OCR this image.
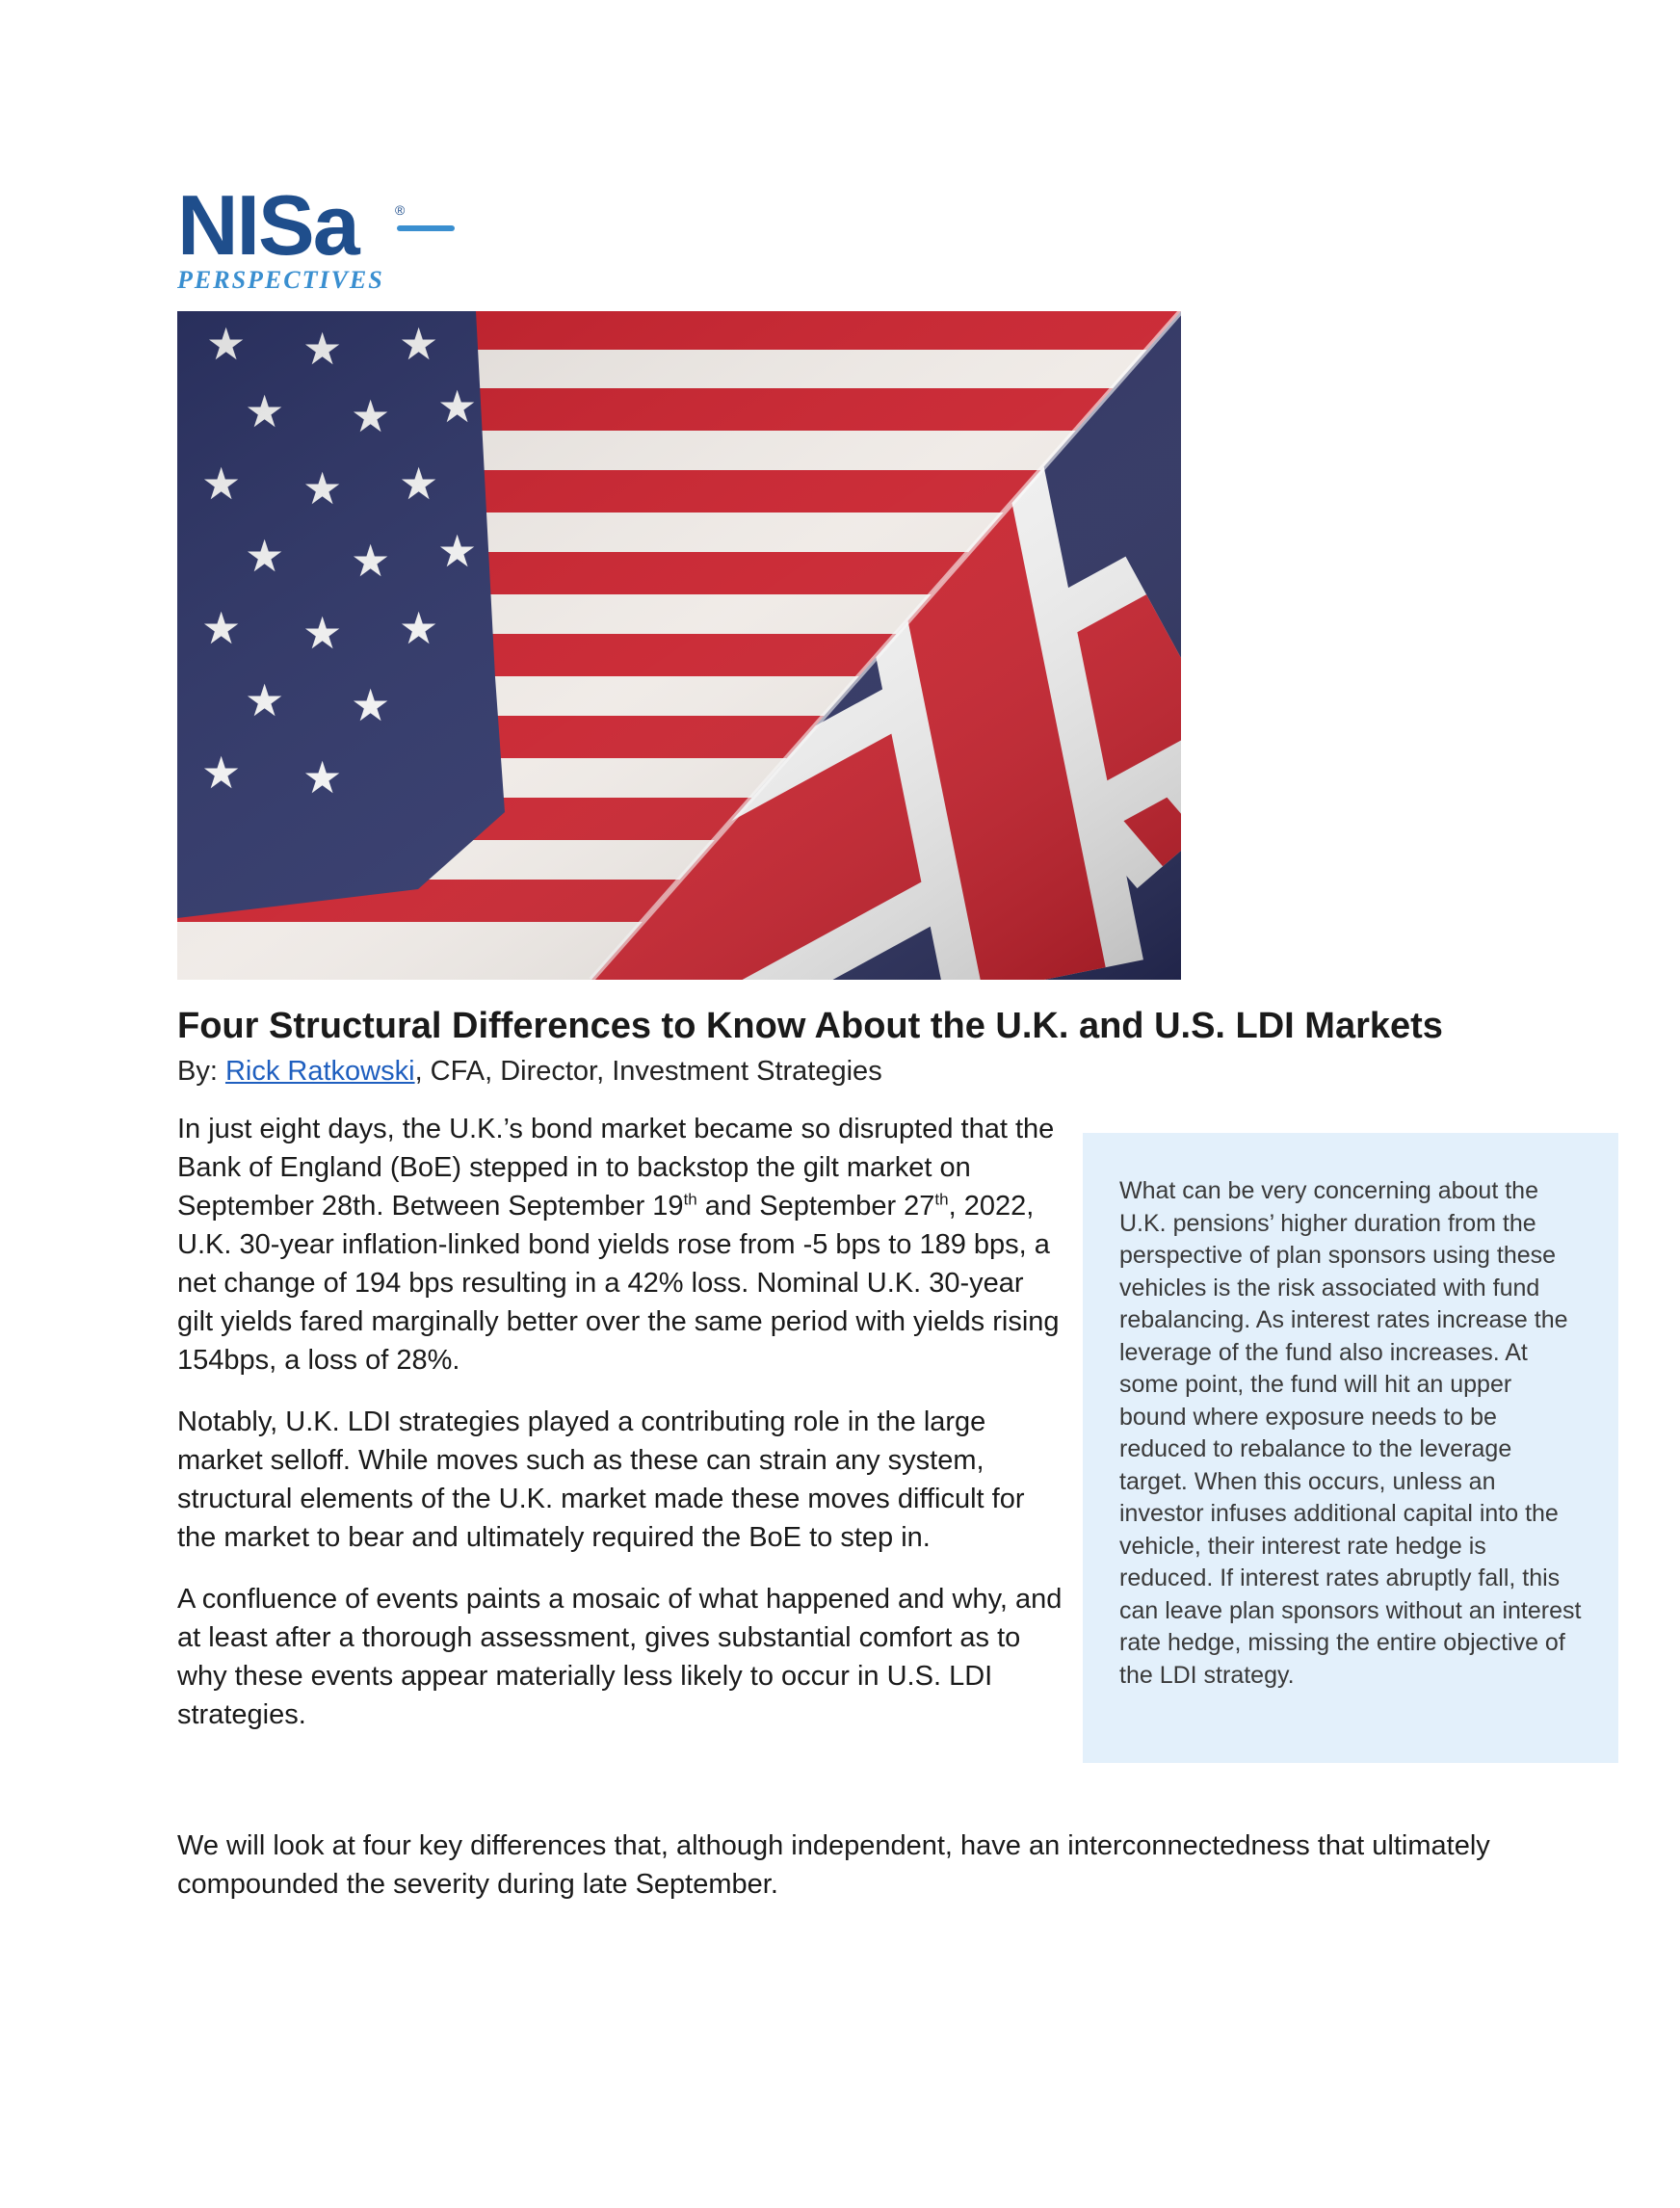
NISa	®
PERSPECTIVES
Four Structural Differences to Know About the U.K. and U.S. LDI Markets
By: Rick Ratkowski, CFA, Director, Investment Strategies

In just eight days, the U.K.’s bond market became so disrupted that the Bank of England (BoE) stepped in to backstop the gilt market on September 28th. Between September 19th and September 27th, 2022, U.K. 30-year inflation-linked bond yields rose from -5 bps to 189 bps, a net change of 194 bps resulting in a 42% loss. Nominal U.K. 30-year gilt yields fared marginally better over the same period with yields rising 154bps, a loss of 28%.

Notably, U.K. LDI strategies played a contributing role in the large market selloff. While moves such as these can strain any system, structural elements of the U.K. market made these moves difficult for the market to bear and ultimately required the BoE to step in.

A confluence of events paints a mosaic of what happened and why, and at least after a thorough assessment, gives substantial comfort as to why these events appear materially less likely to occur in U.S. LDI strategies.

We will look at four key differences that, although independent, have an interconnectedness that ultimately compounded the severity during late September.

What can be very concerning about the U.K. pensions’ higher duration from the perspective of plan sponsors using these vehicles is the risk associated with fund rebalancing. As interest rates increase the leverage of the fund also increases. At some point, the fund will hit an upper bound where exposure needs to be reduced to rebalance to the leverage target. When this occurs, unless an investor infuses additional capital into the vehicle, their interest rate hedge is reduced. If interest rates abruptly fall, this can leave plan sponsors without an interest rate hedge, missing the entire objective of the LDI strategy.
